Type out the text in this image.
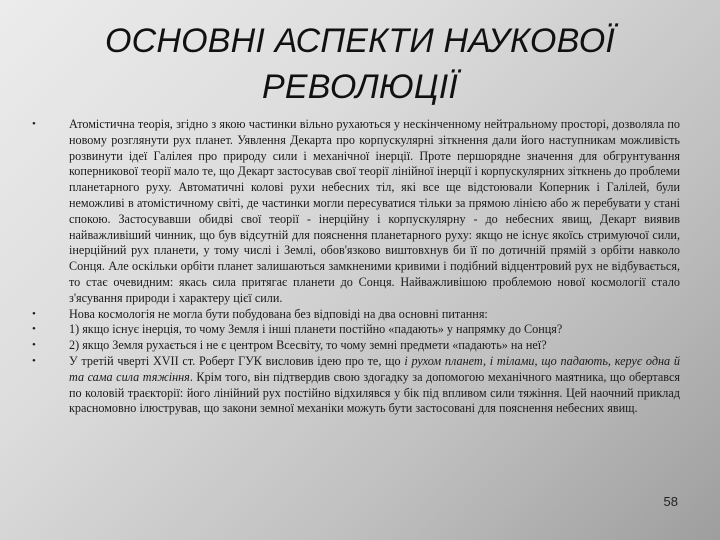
ОСНОВНІ АСПЕКТИ НАУКОВОЇ
РЕВОЛЮЦІЇ
•	Атомістична теорія, згідно з якою частинки вільно рухаються у нескінченному нейтральному просторі, дозволяла по новому розглянути рух планет. Уявлення Декарта про корпускулярні зіткнення дали його наступникам можливість розвинути ідеї Галілея про природу сили і механічної інерції. Проте першорядне значення для обгрунтування коперникової теорії мало те, що Декарт застосував свої теорії лінійної інерції і корпускулярних зіткнень до проблеми планетарного руху. Автоматичні колові рухи небесних тіл, які все ще відстоювали Коперник і Галілей, були неможливі в атомістичному світі, де частинки могли пересуватися тільки за прямою лінією або ж перебувати у стані спокою. Застосувавши обидві свої теорії - інерційну і корпускулярну - до небесних явищ, Декарт виявив найважливіший чинник, що був відсутній для пояснення планетарного руху: якщо не існує якоїсь стримуючої сили, інерційний рух планети, у тому числі і Землі, обов'язково виштовхнув би її по дотичній прямій з орбіти навколо Сонця. Але оскільки орбіти планет залишаються замкненими кривими і подібний відцентровий рух не відбувається, то стає очевидним: якась сила притягає планети до Сонця. Найважливішою проблемою нової космології стало з'ясування природи і характеру цієї сили.
•	Нова космологія не могла бути побудована без відповіді на два основні питання:
•	1) якщо існує інерція, то чому Земля і інші планети постійно «падають» у напрямку до Сонця?
•	2) якщо Земля рухається і не є центром Всесвіту, то чому земні предмети «падають» на неї?
•	У третій чверті XVII ст. Роберт ГУК висловив ідею про те, що і рухом планет, і тілами, що падають, керує одна й та сама сила тяжіння. Крім того, він підтвердив свою здогадку за допомогою механічного маятника, що обертався по коловій траєкторії: його лінійний рух постійно відхилявся у бік під впливом сили тяжіння. Цей наочний приклад красномовно ілюстрував, що закони земної механіки можуть бути застосовані для пояснення небесних явищ.
58
